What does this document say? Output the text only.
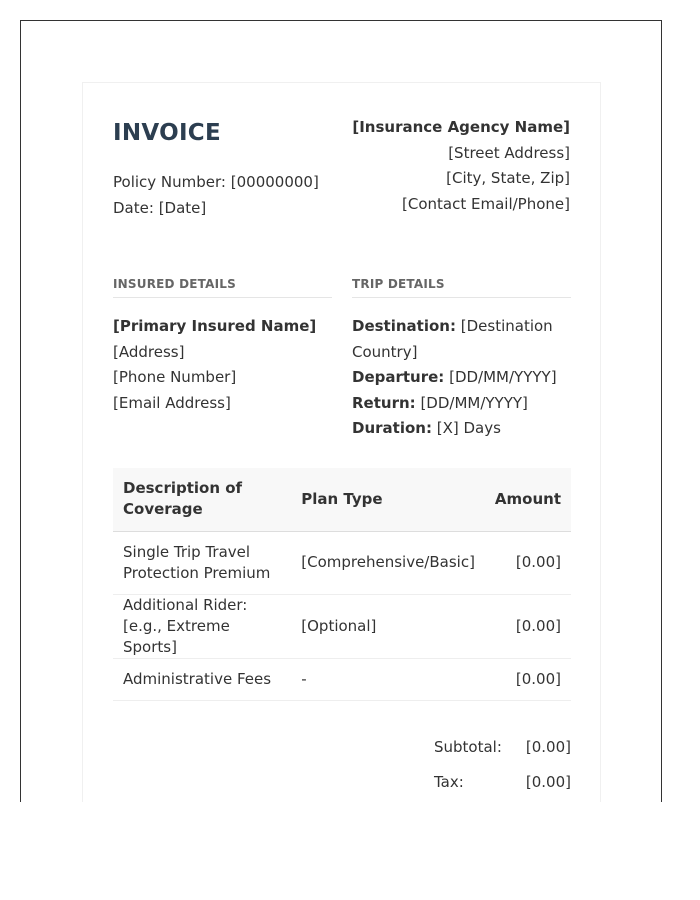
INVOICE
Policy Number:
[00000000]
Date:
[Date]
[Insurance Agency Name]
[Street Address]
[City, State, Zip]
[Contact Email/Phone]
INSURED DETAILS
[Primary Insured Name]
[Address]
[Phone Number]
[Email Address]
TRIP DETAILS
Destination: [Destination Country]
Departure: [DD/MM/YYYY]
Return: [DD/MM/YYYY]
Duration: [X] Days
Description of Coverage	Plan Type	Amount
Single Trip Travel Protection Premium	[Comprehensive/Basic]	[0.00]
Additional Rider: [e.g., Extreme Sports]	[Optional]	[0.00]
Administrative Fees	-	[0.00]
Subtotal: [0.00]
Tax:	[0.00]
